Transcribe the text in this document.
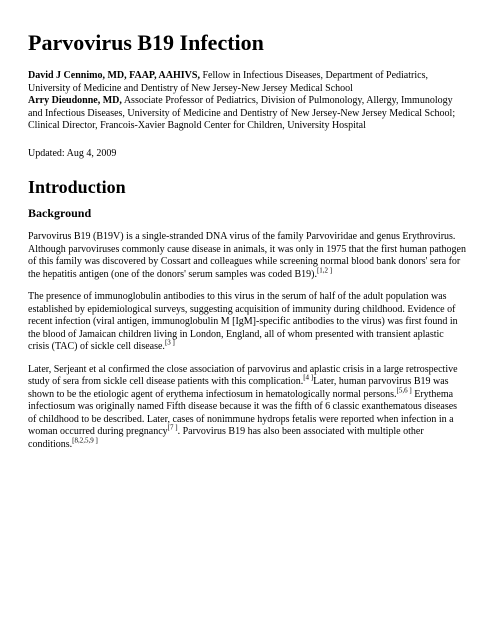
Parvovirus B19 Infection

David J Cennimo, MD, FAAP, AAHIVS, Fellow in Infectious Diseases, Department of Pediatrics, University of Medicine and Dentistry of New Jersey-New Jersey Medical School
Arry Dieudonne, MD, Associate Professor of Pediatrics, Division of Pulmonology, Allergy, Immunology and Infectious Diseases, University of Medicine and Dentistry of New Jersey-New Jersey Medical School; Clinical Director, Francois-Xavier Bagnold Center for Children, University Hospital

Updated: Aug 4, 2009

Introduction
Background

Parvovirus B19 (B19V) is a single-stranded DNA virus of the family Parvoviridae and genus Erythrovirus. Although parvoviruses commonly cause disease in animals, it was only in 1975 that the first human pathogen of this family was discovered by Cossart and colleagues while screening normal blood bank donors' sera for the hepatitis antigen (one of the donors' serum samples was coded B19).[1,2 ]

The presence of immunoglobulin antibodies to this virus in the serum of half of the adult population was established by epidemiological surveys, suggesting acquisition of immunity during childhood. Evidence of recent infection (viral antigen, immunoglobulin M [IgM]-specific antibodies to the virus) was first found in the blood of Jamaican children living in London, England, all of whom presented with transient aplastic crisis (TAC) of sickle cell disease.[3 ]

Later, Serjeant et al confirmed the close association of parvovirus and aplastic crisis in a large retrospective study of sera from sickle cell disease patients with this complication.[4 ]Later, human parvovirus B19 was shown to be the etiologic agent of erythema infectiosum in hematologically normal persons.[5,6 ] Erythema infectiosum was originally named Fifth disease because it was the fifth of 6 classic exanthematous diseases of childhood to be described. Later, cases of nonimmune hydrops fetalis were reported when infection in a woman occurred during pregnancy[7 ]. Parvovirus B19 has also been associated with multiple other conditions.[8,2,5,9 ]
